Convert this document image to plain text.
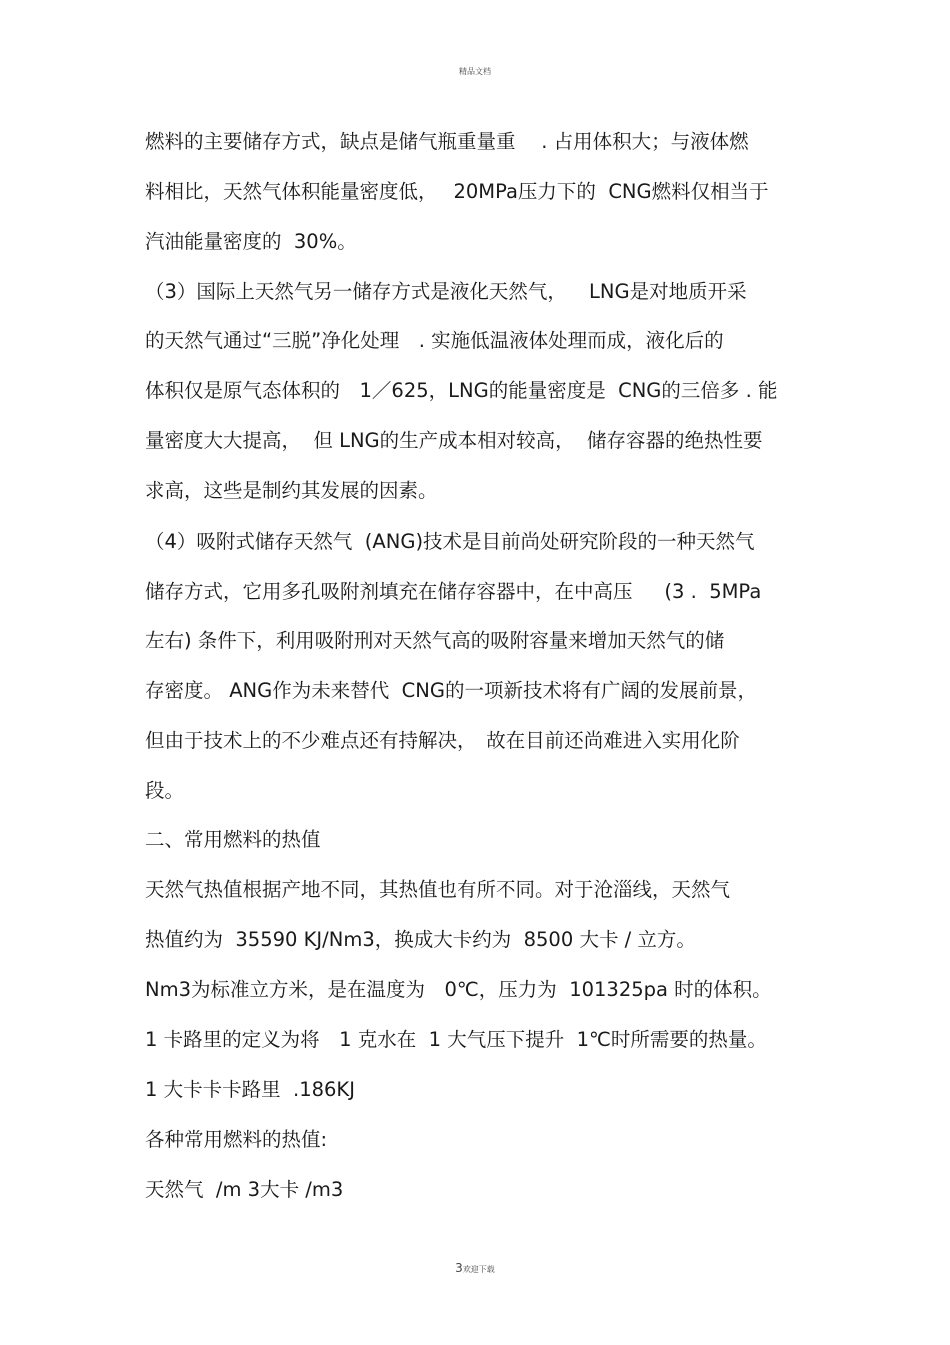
精品文档
燃料的主要储存方式，缺点是储气瓶重量重　 . 占用体积大；与液体燃
料相比，天然气体积能量密度低，　 20MPa压力下的  CNG燃料仅相当于
汽油能量密度的  30%。
（3）国际上天然气另一储存方式是液化天然气，　  LNG是对地质开采
的天然气通过“三脱”净化处理　. 实施低温液体处理而成，液化后的
体积仅是原气态体积的　1／625，LNG的能量密度是  CNG的三倍多 . 能
量密度大大提高，  但 LNG的生产成本相对较高，  储存容器的绝热性要
求高，这些是制约其发展的因素。
（4）吸附式储存天然气  (ANG)技术是目前尚处研究阶段的一种天然气
储存方式，它用多孔吸附剂填充在储存容器中，在中高压　  (3 .  5MPa
左右) 条件下，利用吸附刑对天然气高的吸附容量来增加天然气的储
存密度。 ANG作为未来替代  CNG的一项新技术将有广阔的发展前景，
但由于技术上的不少难点还有持解决，　故在目前还尚难进入实用化阶
段。
二、常用燃料的热值
天然气热值根据产地不同，其热值也有所不同。对于沧淄线，天然气
热值约为  35590 KJ/Nm3，换成大卡约为  8500 大卡 / 立方。
Nm3为标准立方米，是在温度为　0℃，压力为  101325pa 时的体积。
1 卡路里的定义为将　1 克水在  1 大气压下提升  1℃时所需要的热量。
1 大卡卡卡路里  .186KJ
各种常用燃料的热值:
天然气  /m 3大卡 /m3
3欢迎下载
